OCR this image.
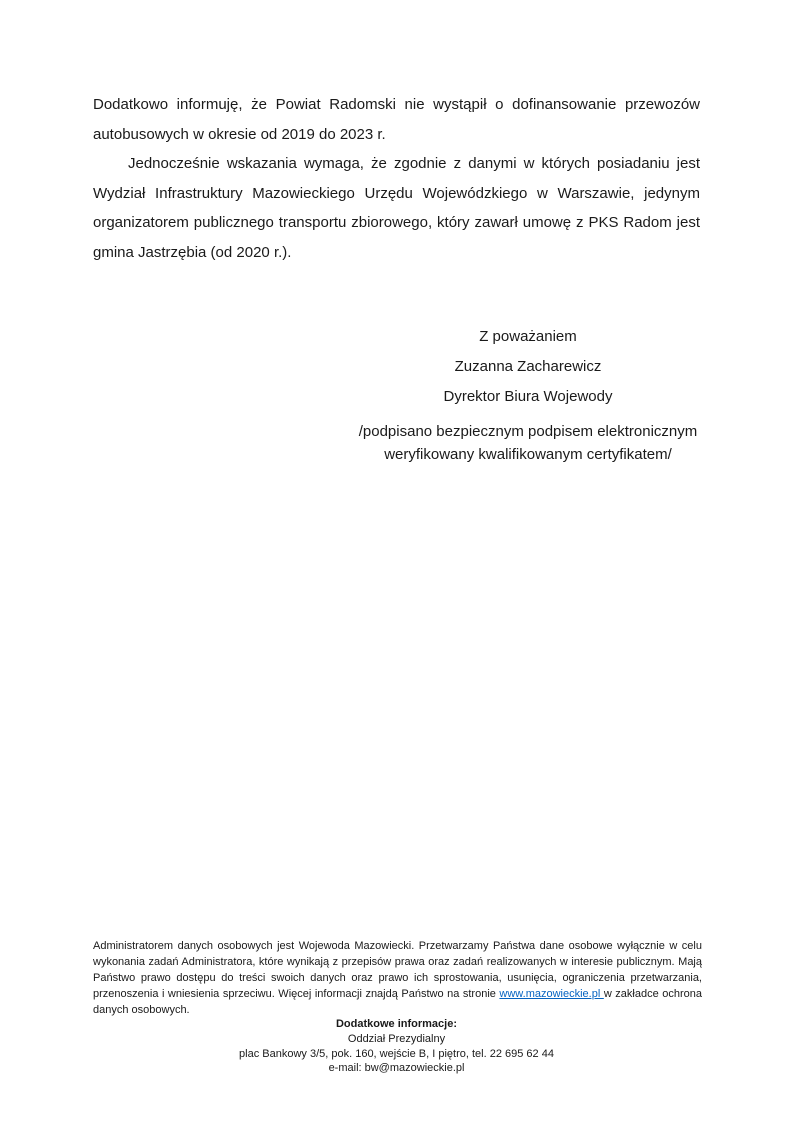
Dodatkowo informuję, że Powiat Radomski nie wystąpił o dofinansowanie przewozów autobusowych w okresie od 2019 do 2023 r.

Jednocześnie wskazania wymaga, że zgodnie z danymi w których posiadaniu jest Wydział Infrastruktury Mazowieckiego Urzędu Wojewódzkiego w Warszawie, jedynym organizatorem publicznego transportu zbiorowego, który zawarł umowę z PKS Radom jest gmina Jastrzębia (od 2020 r.).

Z poważaniem
Zuzanna Zacharewicz
Dyrektor Biura Wojewody
/podpisano bezpiecznym podpisem elektronicznym
weryfikowany kwalifikowanym certyfikatem/
Administratorem danych osobowych jest Wojewoda Mazowiecki. Przetwarzamy Państwa dane osobowe wyłącznie w celu wykonania zadań Administratora, które wynikają z przepisów prawa oraz zadań realizowanych w interesie publicznym. Mają Państwo prawo dostępu do treści swoich danych oraz prawo ich sprostowania, usunięcia, ograniczenia przetwarzania, przenoszenia i wniesienia sprzeciwu. Więcej informacji znajdą Państwo na stronie www.mazowieckie.pl w zakładce ochrona danych osobowych.
Dodatkowe informacje:
Oddział Prezydialny
plac Bankowy 3/5, pok. 160, wejście B, I piętro, tel. 22 695 62 44
e-mail: bw@mazowieckie.pl
